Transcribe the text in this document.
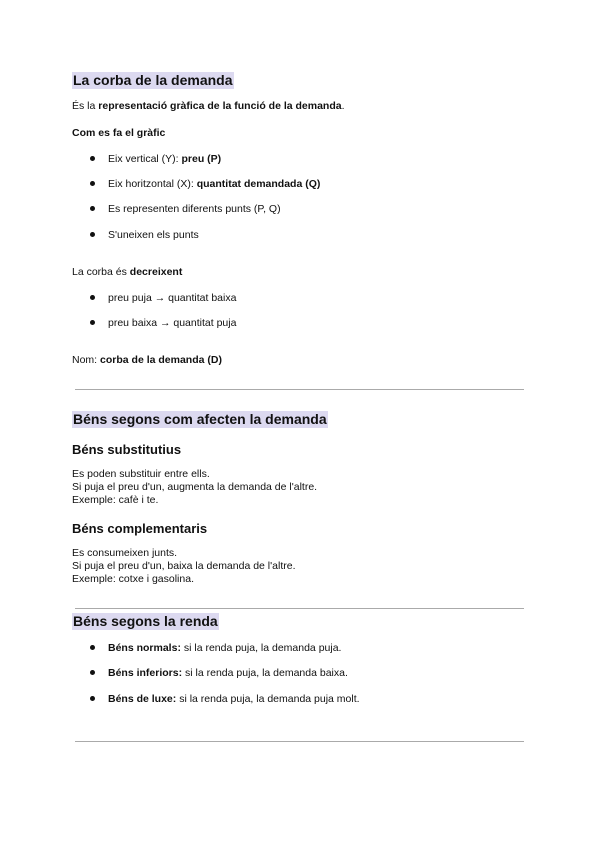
La corba de la demanda
És la representació gràfica de la funció de la demanda.
Com es fa el gràfic
Eix vertical (Y): preu (P)
Eix horitzontal (X): quantitat demandada (Q)
Es representen diferents punts (P, Q)
S'uneixen els punts
La corba és decreixent
preu puja → quantitat baixa
preu baixa → quantitat puja
Nom: corba de la demanda (D)
Béns segons com afecten la demanda
Béns substitutius
Es poden substituir entre ells.
Si puja el preu d'un, augmenta la demanda de l'altre.
Exemple: cafè i te.
Béns complementaris
Es consumeixen junts.
Si puja el preu d'un, baixa la demanda de l'altre.
Exemple: cotxe i gasolina.
Béns segons la renda
Béns normals: si la renda puja, la demanda puja.
Béns inferiors: si la renda puja, la demanda baixa.
Béns de luxe: si la renda puja, la demanda puja molt.
